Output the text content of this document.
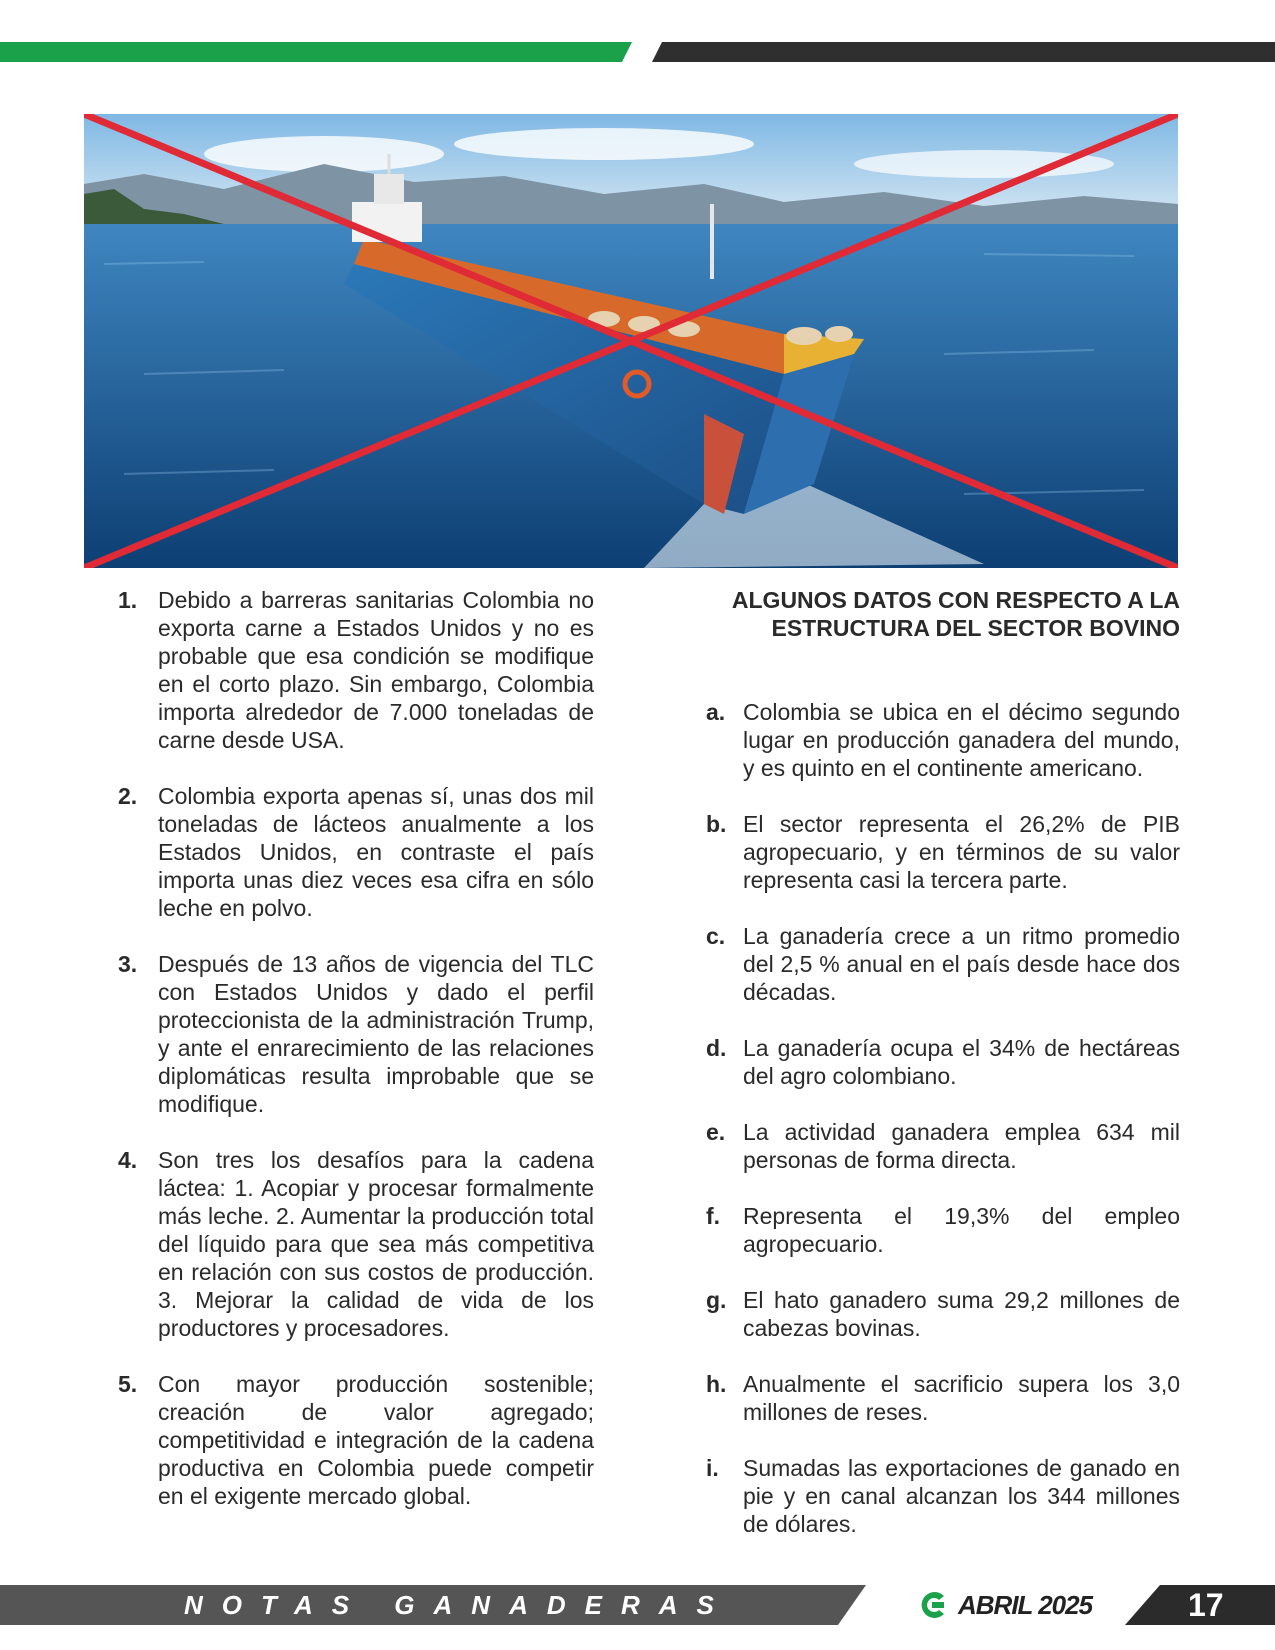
1. Debido a barreras sanitarias Colombia no exporta carne a Estados Unidos y no es probable que esa condición se modifique en el corto plazo. Sin embargo, Colombia importa alrededor de 7.000 toneladas de carne desde USA.
2. Colombia exporta apenas sí, unas dos mil toneladas de lácteos anualmente a los Estados Unidos, en contraste el país importa unas diez veces esa cifra en sólo leche en polvo.
3. Después de 13 años de vigencia del TLC con Estados Unidos y dado el perfil proteccionista de la administración Trump, y ante el enrarecimiento de las relaciones diplomáticas resulta improbable que se modifique.
4. Son tres los desafíos para la cadena láctea: 1. Acopiar y procesar formalmente más leche. 2. Aumentar la producción total del líquido para que sea más competitiva en relación con sus costos de producción. 3. Mejorar la calidad de vida de los productores y procesadores.
5. Con mayor producción sostenible; creación de valor agregado; competitividad e integración de la cadena productiva en Colombia puede competir en el exigente mercado global.
ALGUNOS DATOS CON RESPECTO A LA
ESTRUCTURA DEL SECTOR BOVINO
a. Colombia se ubica en el décimo segundo lugar en producción ganadera del mundo, y es quinto en el continente americano.
b. El sector representa el 26,2% de PIB agropecuario, y en términos de su valor representa casi la tercera parte.
c. La ganadería crece a un ritmo promedio del 2,5 % anual en el país desde hace dos décadas.
d. La ganadería ocupa el 34% de hectáreas del agro colombiano.
e. La actividad ganadera emplea 634 mil personas de forma directa.
f. Representa el 19,3% del empleo agropecuario.
g. El hato ganadero suma 29,2 millones de cabezas bovinas.
h. Anualmente el sacrificio supera los 3,0 millones de reses.
i. Sumadas las exportaciones de ganado en pie y en canal alcanzan los 344 millones de dólares.
NOTAS GANADERAS	ABRIL 2025	17
